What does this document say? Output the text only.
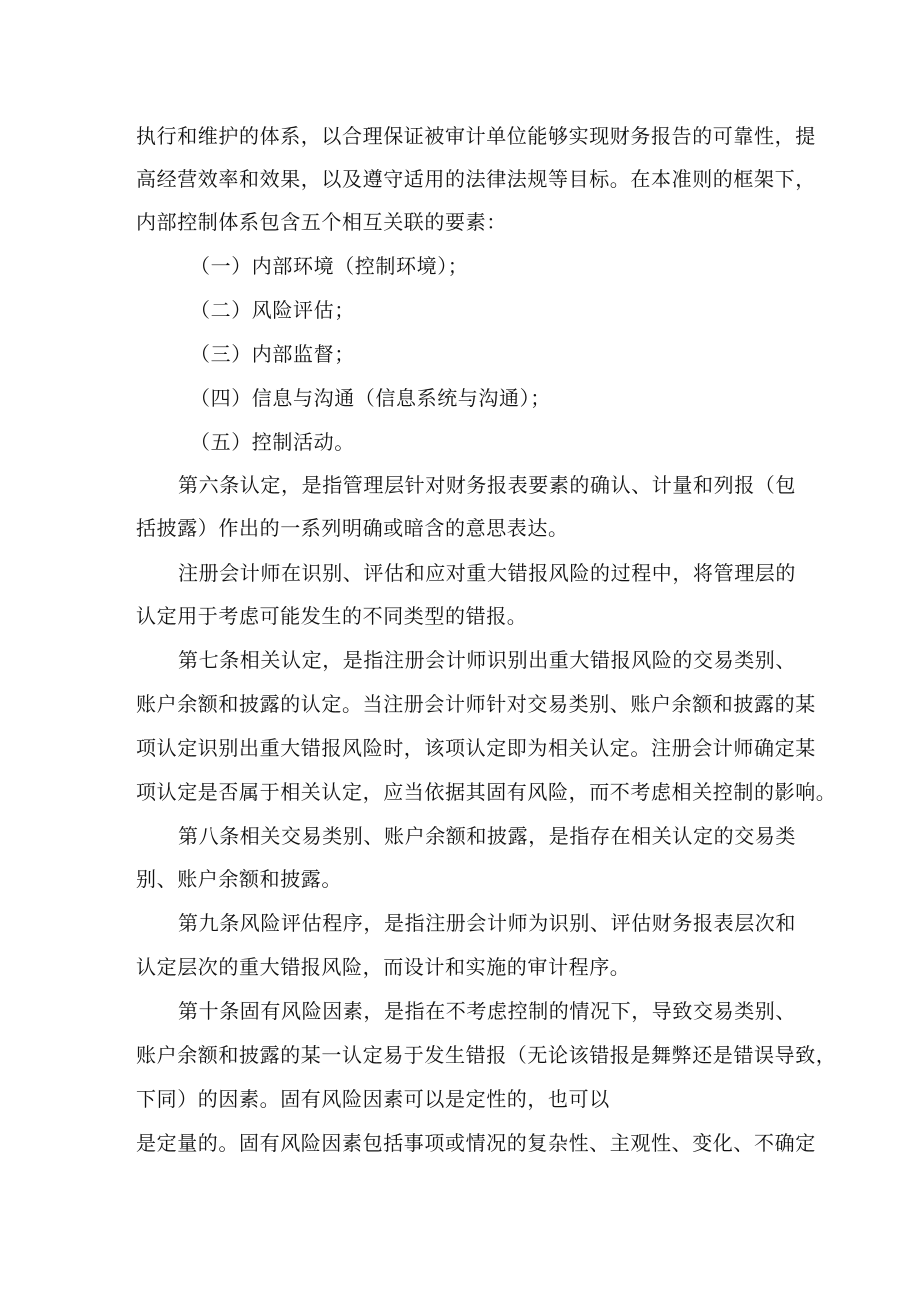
执行和维护的体系，以合理保证被审计单位能够实现财务报告的可靠性，提
高经营效率和效果，以及遵守适用的法律法规等目标。在本准则的框架下，
内部控制体系包含五个相互关联的要素：
（一）内部环境（控制环境）；
（二）风险评估；
（三）内部监督；
（四）信息与沟通（信息系统与沟通）；
（五）控制活动。
第六条认定，是指管理层针对财务报表要素的确认、计量和列报（包
括披露）作出的一系列明确或暗含的意思表达。
注册会计师在识别、评估和应对重大错报风险的过程中，将管理层的
认定用于考虑可能发生的不同类型的错报。
第七条相关认定，是指注册会计师识别出重大错报风险的交易类别、
账户余额和披露的认定。当注册会计师针对交易类别、账户余额和披露的某
项认定识别出重大错报风险时，该项认定即为相关认定。注册会计师确定某
项认定是否属于相关认定，应当依据其固有风险，而不考虑相关控制的影响。
第八条相关交易类别、账户余额和披露，是指存在相关认定的交易类
别、账户余额和披露。
第九条风险评估程序，是指注册会计师为识别、评估财务报表层次和
认定层次的重大错报风险，而设计和实施的审计程序。
第十条固有风险因素，是指在不考虑控制的情况下，导致交易类别、
账户余额和披露的某一认定易于发生错报（无论该错报是舞弊还是错误导致，
下同）的因素。固有风险因素可以是定性的，也可以
是定量的。固有风险因素包括事项或情况的复杂性、主观性、变化、不确定
